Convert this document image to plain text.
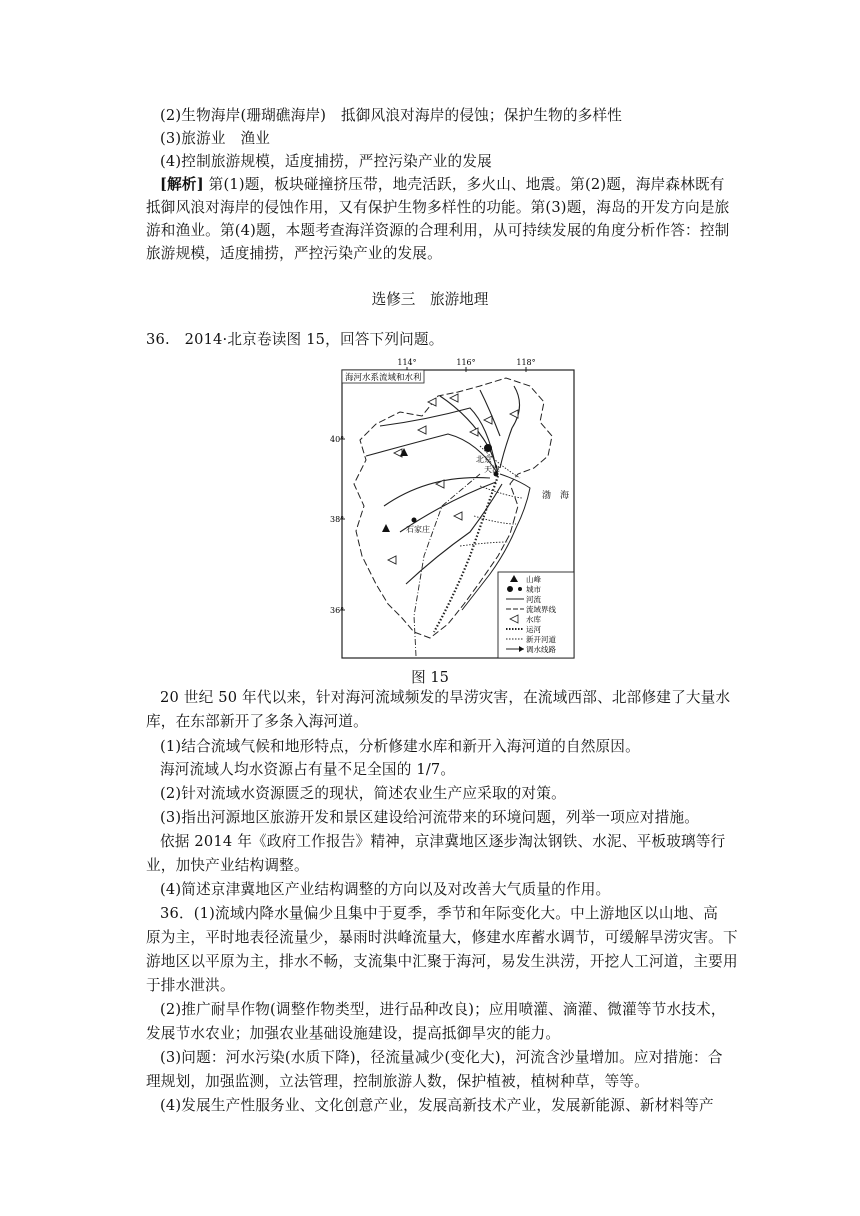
(2)生物海岸(珊瑚礁海岸)　抵御风浪对海岸的侵蚀；保护生物的多样性
(3)旅游业　渔业
(4)控制旅游规模，适度捕捞，严控污染产业的发展
[解析] 第(1)题，板块碰撞挤压带，地壳活跃，多火山、地震。第(2)题，海岸森林既有
抵御风浪对海岸的侵蚀作用，又有保护生物多样性的功能。第(3)题，海岛的开发方向是旅
游和渔业。第(4)题，本题考查海洋资源的合理利用，从可持续发展的角度分析作答：控制
旅游规模，适度捕捞，严控污染产业的发展。
选修三　旅游地理
36.　2014·北京卷读图 15，回答下列问题。
114°	116°	118°
40°
38°
36°
海河水系流域和水利
渤　海
北京
天津
石家庄
山峰
城市
河流
流域界线
水库
运河
新开河道
调水线路
图 15
20 世纪 50 年代以来，针对海河流域频发的旱涝灾害，在流域西部、北部修建了大量水
库，在东部新开了多条入海河道。
(1)结合流域气候和地形特点，分析修建水库和新开入海河道的自然原因。
海河流域人均水资源占有量不足全国的 1/7。
(2)针对流域水资源匮乏的现状，简述农业生产应采取的对策。
(3)指出河源地区旅游开发和景区建设给河流带来的环境问题，列举一项应对措施。
依据 2014 年《政府工作报告》精神，京津冀地区逐步淘汰钢铁、水泥、平板玻璃等行
业，加快产业结构调整。
(4)简述京津冀地区产业结构调整的方向以及对改善大气质量的作用。
36．(1)流域内降水量偏少且集中于夏季，季节和年际变化大。中上游地区以山地、高
原为主，平时地表径流量少，暴雨时洪峰流量大，修建水库蓄水调节，可缓解旱涝灾害。下
游地区以平原为主，排水不畅，支流集中汇聚于海河，易发生洪涝，开挖人工河道，主要用
于排水泄洪。
(2)推广耐旱作物(调整作物类型，进行品种改良)；应用喷灌、滴灌、微灌等节水技术，
发展节水农业；加强农业基础设施建设，提高抵御旱灾的能力。
(3)问题：河水污染(水质下降)，径流量减少(变化大)，河流含沙量增加。应对措施：合
理规划，加强监测，立法管理，控制旅游人数，保护植被，植树种草，等等。
(4)发展生产性服务业、文化创意产业，发展高新技术产业，发展新能源、新材料等产
